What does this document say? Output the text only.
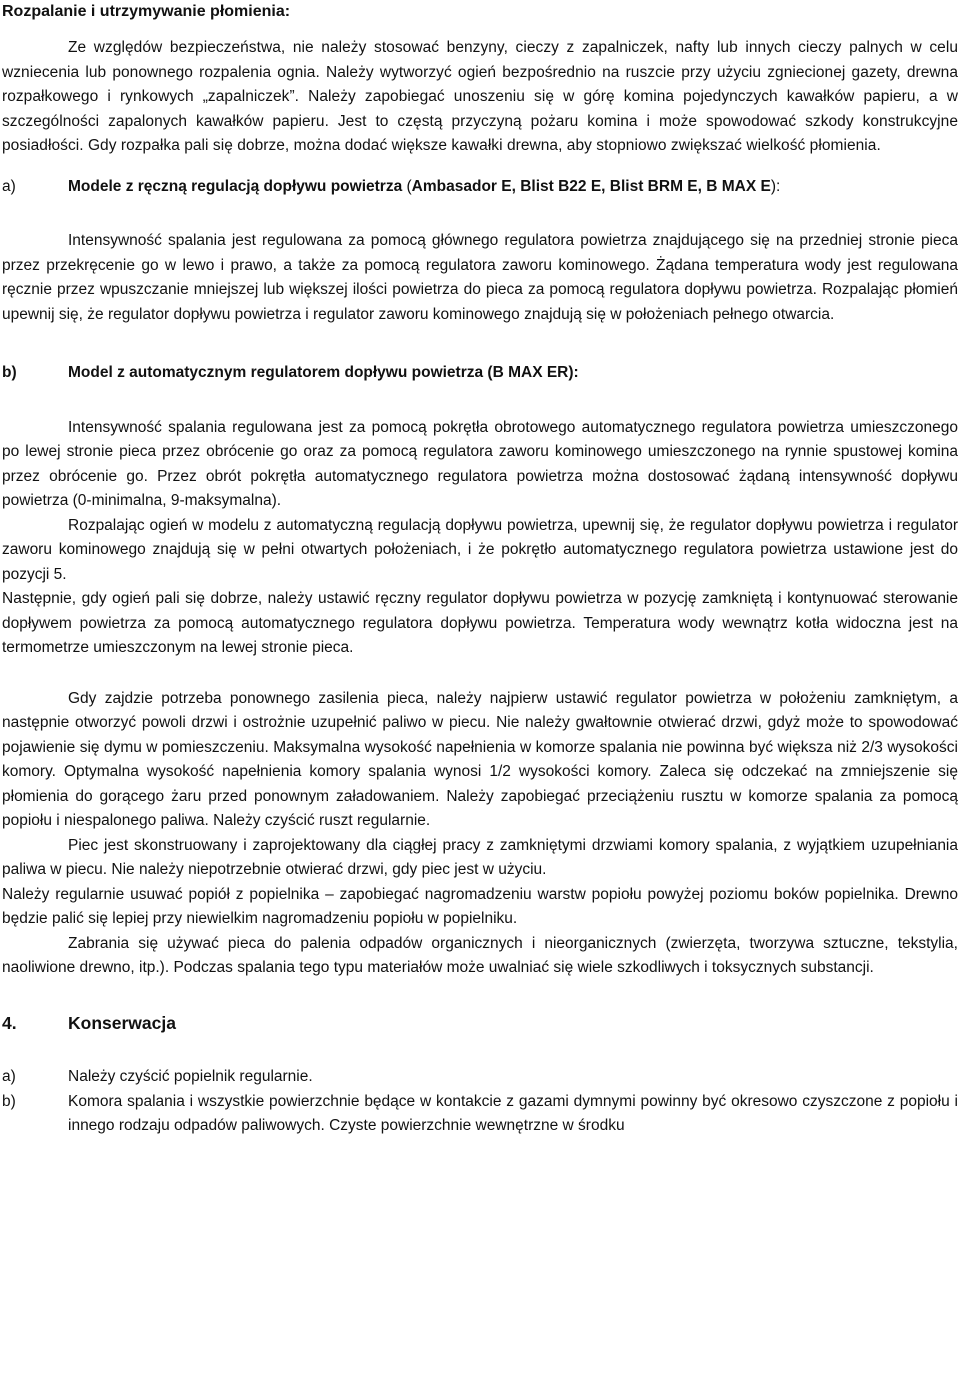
Rozpalanie i utrzymywanie płomienia:

Ze względów bezpieczeństwa, nie należy stosować benzyny, cieczy z zapalniczek, nafty lub innych cieczy palnych w celu wzniecenia lub ponownego rozpalenia ognia. Należy wytworzyć ogień bezpośrednio na ruszcie przy użyciu zgniecionej gazety, drewna rozpałkowego i rynkowych „zapalniczek”. Należy zapobiegać unoszeniu się w górę komina pojedynczych kawałków papieru, a w szczególności zapalonych kawałków papieru. Jest to częstą przyczyną pożaru komina i może spowodować szkody konstrukcyjne posiadłości. Gdy rozpałka pali się dobrze, można dodać większe kawałki drewna, aby stopniowo zwiększać wielkość płomienia.

a)	Modele z ręczną regulacją dopływu powietrza (Ambasador E, Blist B22 E, Blist BRM E, B MAX E):

Intensywność spalania jest regulowana za pomocą głównego regulatora powietrza znajdującego się na przedniej stronie pieca przez przekręcenie go w lewo i prawo, a także za pomocą regulatora zaworu kominowego. Żądana temperatura wody jest regulowana ręcznie przez wpuszczanie mniejszej lub większej ilości powietrza do pieca za pomocą regulatora dopływu powietrza. Rozpalając płomień upewnij się, że regulator dopływu powietrza i regulator zaworu kominowego znajdują się w położeniach pełnego otwarcia.

b)	Model z automatycznym regulatorem dopływu powietrza (B MAX ER):

Intensywność spalania regulowana jest za pomocą pokrętła obrotowego automatycznego regulatora powietrza umieszczonego po lewej stronie pieca przez obrócenie go oraz za pomocą regulatora zaworu kominowego umieszczonego na rynnie spustowej komina przez obrócenie go. Przez obrót pokrętła automatycznego regulatora powietrza można dostosować żądaną intensywność dopływu powietrza (0-minimalna, 9-maksymalna).

Rozpalając ogień w modelu z automatyczną regulacją dopływu powietrza, upewnij się, że regulator dopływu powietrza i regulator zaworu kominowego znajdują się w pełni otwartych położeniach, i że pokrętło automatycznego regulatora powietrza ustawione jest do pozycji 5.

Następnie, gdy ogień pali się dobrze, należy ustawić ręczny regulator dopływu powietrza w pozycję zamkniętą i kontynuować sterowanie dopływem powietrza za pomocą automatycznego regulatora dopływu powietrza. Temperatura wody wewnątrz kotła widoczna jest na termometrze umieszczonym na lewej stronie pieca.

Gdy zajdzie potrzeba ponownego zasilenia pieca, należy najpierw ustawić regulator powietrza w położeniu zamkniętym, a następnie otworzyć powoli drzwi i ostrożnie uzupełnić paliwo w piecu. Nie należy gwałtownie otwierać drzwi, gdyż może to spowodować pojawienie się dymu w pomieszczeniu. Maksymalna wysokość napełnienia w komorze spalania nie powinna być większa niż 2/3 wysokości komory. Optymalna wysokość napełnienia komory spalania wynosi 1/2 wysokości komory. Zaleca się odczekać na zmniejszenie się płomienia do gorącego żaru przed ponownym załadowaniem. Należy zapobiegać przeciążeniu rusztu w komorze spalania za pomocą popiołu i niespalonego paliwa. Należy czyścić ruszt regularnie.

Piec jest skonstruowany i zaprojektowany dla ciągłej pracy z zamkniętymi drzwiami komory spalania, z wyjątkiem uzupełniania paliwa w piecu. Nie należy niepotrzebnie otwierać drzwi, gdy piec jest w użyciu.

Należy regularnie usuwać popiół z popielnika – zapobiegać nagromadzeniu warstw popiołu powyżej poziomu boków popielnika. Drewno będzie palić się lepiej przy niewielkim nagromadzeniu popiołu w popielniku.

Zabrania się używać pieca do palenia odpadów organicznych i nieorganicznych (zwierzęta, tworzywa sztuczne, tekstylia, naoliwione drewno, itp.). Podczas spalania tego typu materiałów może uwalniać się wiele szkodliwych i toksycznych substancji.

4.	Konserwacja
a)	Należy czyścić popielnik regularnie.
b)	Komora spalania i wszystkie powierzchnie będące w kontakcie z gazami dymnymi powinny być okresowo czyszczone z popiołu i innego rodzaju odpadów paliwowych. Czyste powierzchnie wewnętrzne w środku
